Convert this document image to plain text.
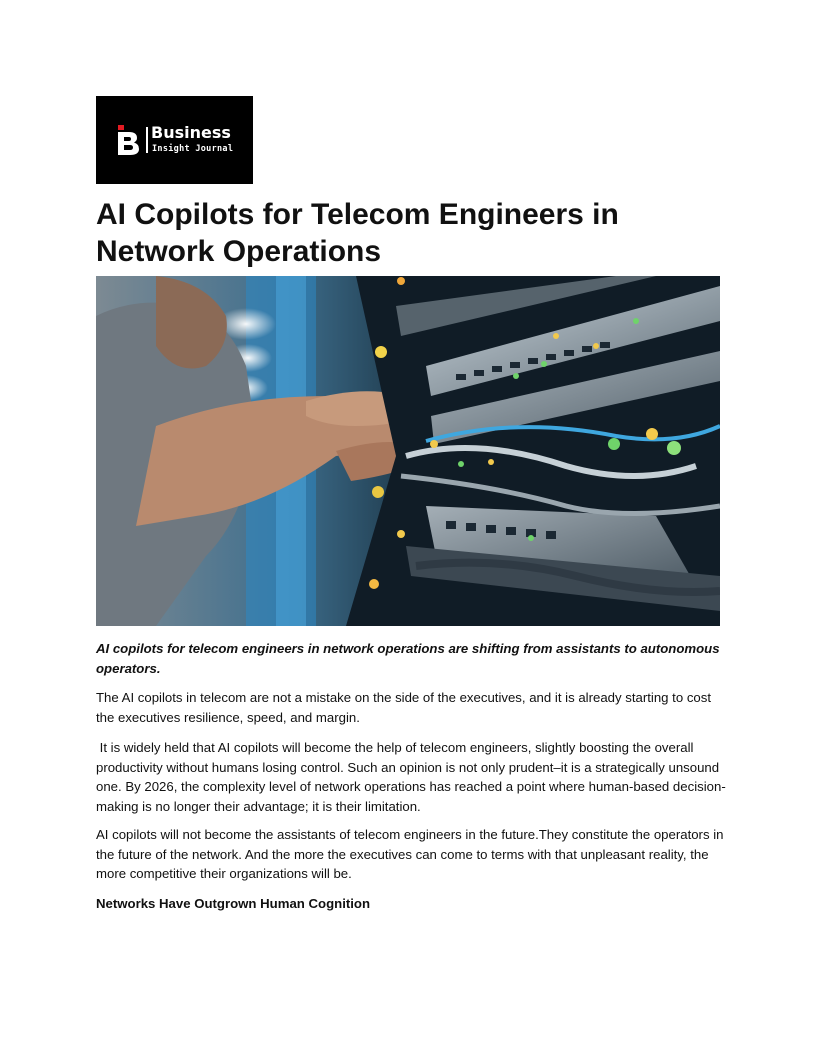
Business
Insight Journal
AI Copilots for Telecom Engineers in Network Operations

AI copilots for telecom engineers in network operations are shifting from assistants to autonomous operators.

The AI copilots in telecom are not a mistake on the side of the executives, and it is already starting to cost the executives resilience, speed, and margin.

It is widely held that AI copilots will become the help of telecom engineers, slightly boosting the overall productivity without humans losing control. Such an opinion is not only prudent–it is a strategically unsound one. By 2026, the complexity level of network operations has reached a point where human-based decision-making is no longer their advantage; it is their limitation.

AI copilots will not become the assistants of telecom engineers in the future.They constitute the operators in the future of the network. And the more the executives can come to terms with that unpleasant reality, the more competitive their organizations will be.

Networks Have Outgrown Human Cognition
